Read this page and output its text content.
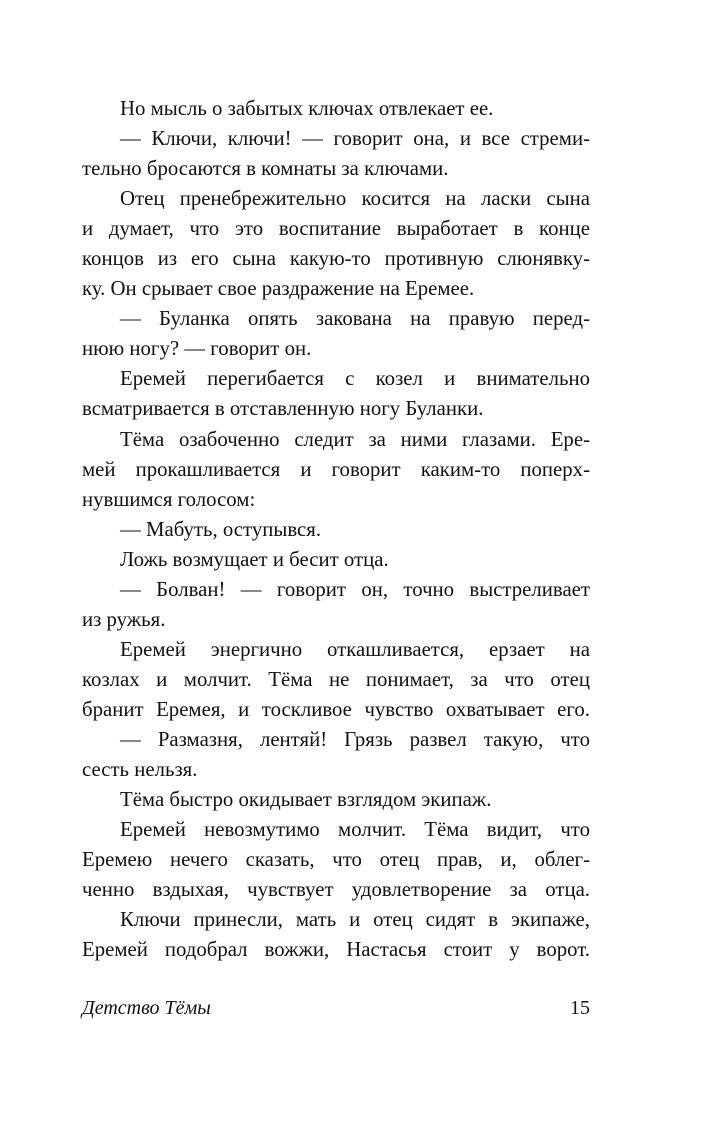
Но мысль о забытых ключах отвлекает ее.
— Ключи, ключи! — говорит она, и все стреми-
тельно бросаются в комнаты за ключами.
Отец пренебрежительно косится на ласки сына
и думает, что это воспитание выработает в конце
концов из его сына какую-то противную слюнявку-
ку. Он срывает свое раздражение на Еремее.
— Буланка опять закована на правую перед-
нюю ногу? — говорит он.
Еремей перегибается с козел и внимательно
всматривается в отставленную ногу Буланки.
Тёма озабоченно следит за ними глазами. Ере-
мей прокашливается и говорит каким-то поперх-
нувшимся голосом:
— Мабуть, оступывся.
Ложь возмущает и бесит отца.
— Болван! — говорит он, точно выстреливает
из ружья.
Еремей энергично откашливается, ерзает на
козлах и молчит. Тёма не понимает, за что отец
бранит Еремея, и тоскливое чувство охватывает его.
— Размазня, лентяй! Грязь развел такую, что
сесть нельзя.
Тёма быстро окидывает взглядом экипаж.
Еремей невозмутимо молчит. Тёма видит, что
Еремею нечего сказать, что отец прав, и, облег-
ченно вздыхая, чувствует удовлетворение за отца.
Ключи принесли, мать и отец сидят в экипаже,
Еремей подобрал вожжи, Настасья стоит у ворот.
Детство Тёмы	15
